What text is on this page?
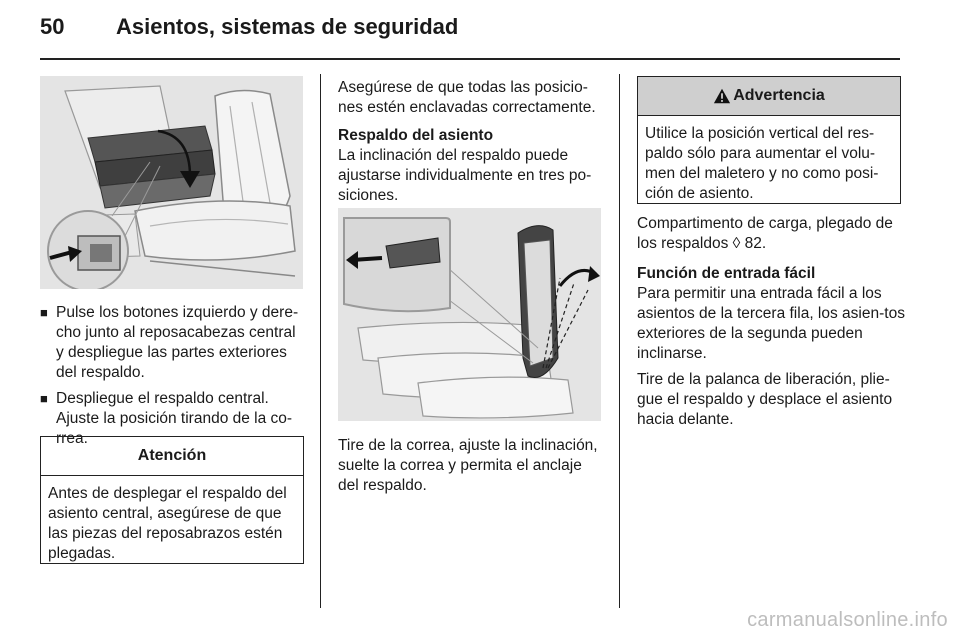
50 Asientos, sistemas de seguridad
■ Pulse los botones izquierdo y dere-cho junto al reposacabezas central y despliegue las partes exteriores del respaldo.
■ Despliegue el respaldo central. Ajuste la posición tirando de la co-rrea.
Atención
Antes de desplegar el respaldo del asiento central, asegúrese de que las piezas del reposabrazos estén plegadas.
Asegúrese de que todas las posicio-nes estén enclavadas correctamente.
Respaldo del asiento
La inclinación del respaldo puede ajustarse individualmente en tres po-siciones.
Tire de la correa, ajuste la inclinación, suelte la correa y permita el anclaje del respaldo.
Advertencia
Utilice la posición vertical del res-paldo sólo para aumentar el volu-men del maletero y no como posi-ción de asiento.
Compartimento de carga, plegado de los respaldos ◊ 82.
Función de entrada fácil
Para permitir una entrada fácil a los asientos de la tercera fila, los asien-tos exteriores de la segunda pueden inclinarse.
Tire de la palanca de liberación, plie-gue el respaldo y desplace el asiento hacia delante.
carmanualsonline.info
